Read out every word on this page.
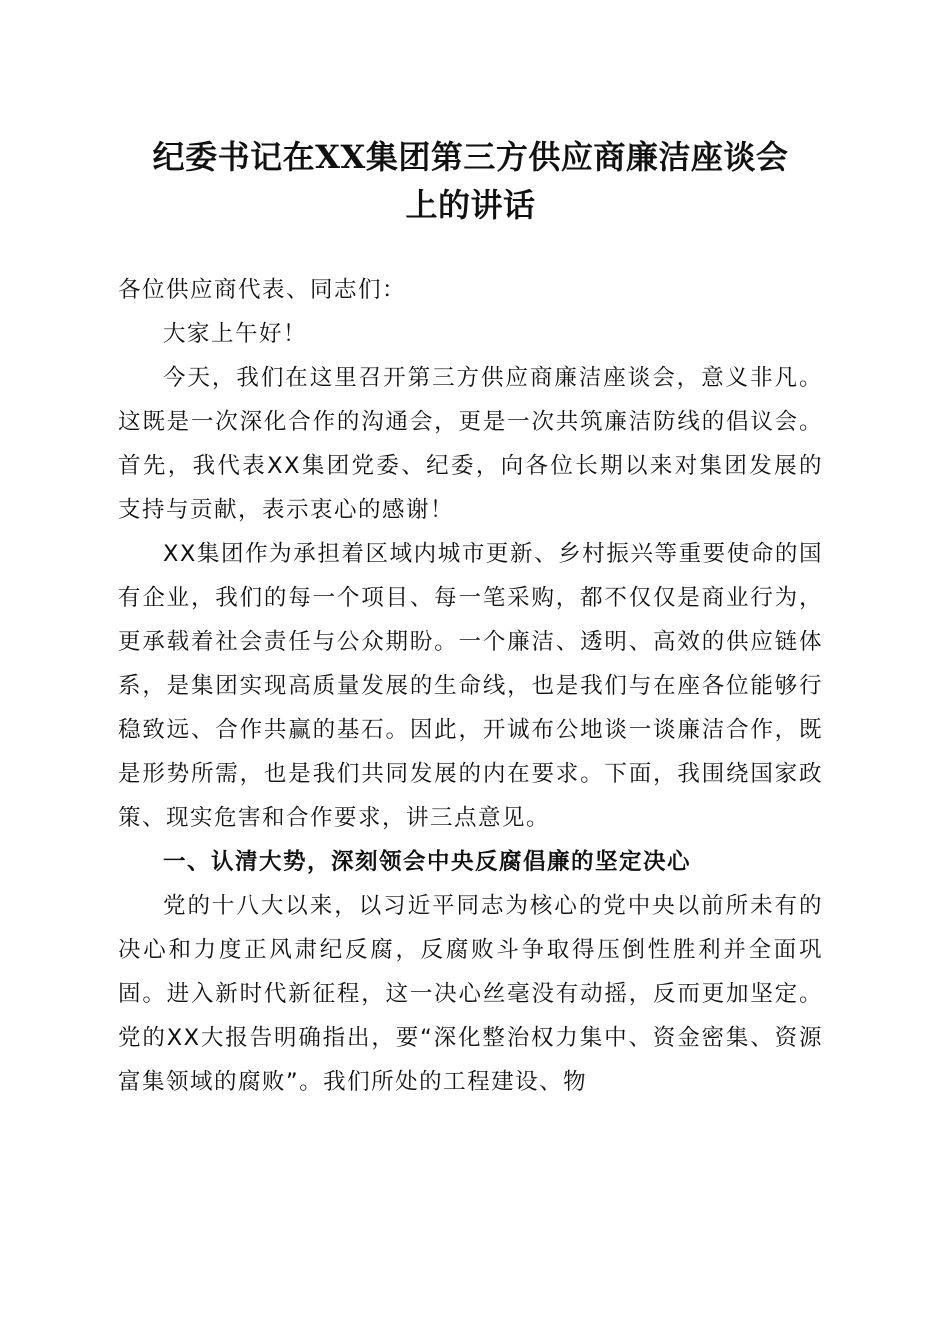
纪委书记在XX集团第三方供应商廉洁座谈会
上的讲话

各位供应商代表、同志们：

大家上午好！

今天，我们在这里召开第三方供应商廉洁座谈会，意义非凡。这既是一次深化合作的沟通会，更是一次共筑廉洁防线的倡议会。首先，我代表XX集团党委、纪委，向各位长期以来对集团发展的支持与贡献，表示衷心的感谢！

XX集团作为承担着区域内城市更新、乡村振兴等重要使命的国有企业，我们的每一个项目、每一笔采购，都不仅仅是商业行为，更承载着社会责任与公众期盼。一个廉洁、透明、高效的供应链体系，是集团实现高质量发展的生命线，也是我们与在座各位能够行稳致远、合作共赢的基石。因此，开诚布公地谈一谈廉洁合作，既是形势所需，也是我们共同发展的内在要求。下面，我围绕国家政策、现实危害和合作要求，讲三点意见。

一、认清大势，深刻领会中央反腐倡廉的坚定决心

党的十八大以来，以习近平同志为核心的党中央以前所未有的决心和力度正风肃纪反腐，反腐败斗争取得压倒性胜利并全面巩固。进入新时代新征程，这一决心丝毫没有动摇，反而更加坚定。党的XX大报告明确指出，要“深化整治权力集中、资金密集、资源富集领域的腐败”。我们所处的工程建设、物
